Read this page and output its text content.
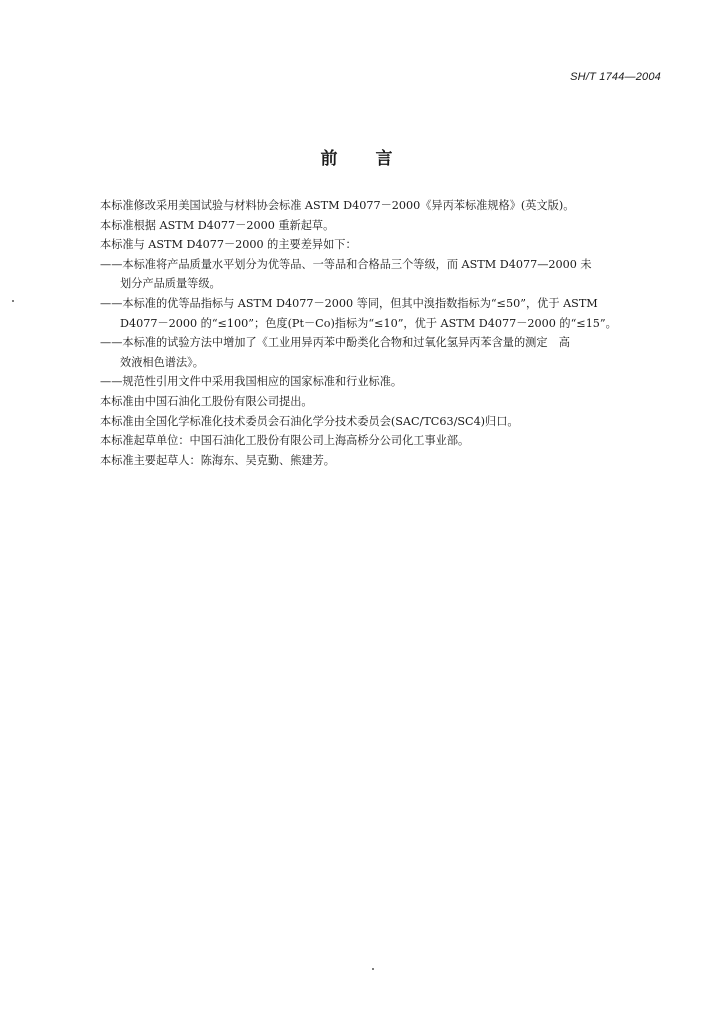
SH/T 1744—2004
前言
本标准修改采用美国试验与材料协会标准 ASTM D4077－2000《异丙苯标准规格》(英文版)。
本标准根据 ASTM D4077－2000 重新起草。
本标准与 ASTM D4077－2000 的主要差异如下：
——本标准将产品质量水平划分为优等品、一等品和合格品三个等级，而 ASTM D4077—2000 未
划分产品质量等级。
——本标准的优等品指标与 ASTM D4077－2000 等同，但其中溴指数指标为“≤50”，优于 ASTM
D4077－2000 的“≤100”；色度(Pt－Co)指标为“≤10”，优于 ASTM D4077－2000 的“≤15”。
——本标准的试验方法中增加了《工业用异丙苯中酚类化合物和过氧化氢异丙苯含量的测定　高
效液相色谱法》。
——规范性引用文件中采用我国相应的国家标准和行业标准。
本标准由中国石油化工股份有限公司提出。
本标准由全国化学标准化技术委员会石油化学分技术委员会(SAC/TC63/SC4)归口。
本标准起草单位：中国石油化工股份有限公司上海高桥分公司化工事业部。
本标准主要起草人：陈海东、吴克勤、熊建芳。
